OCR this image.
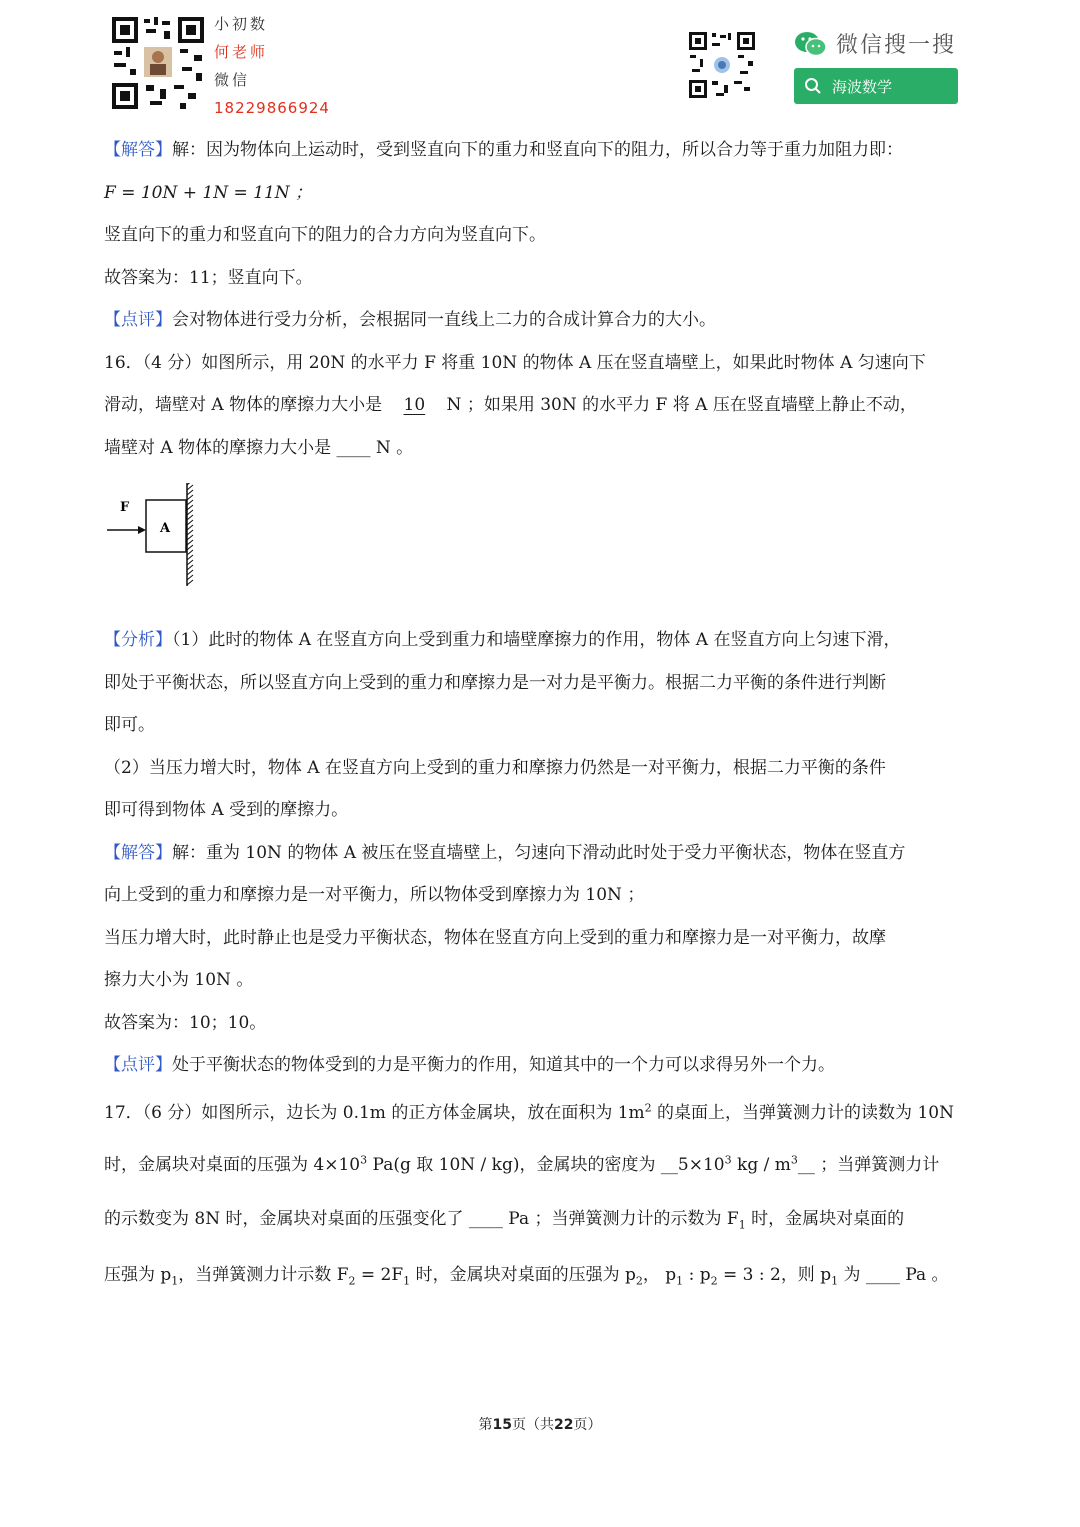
小初数
何老师
微信
18229866924
微信搜一搜
海波数学
【解答】解：因为物体向上运动时，受到竖直向下的重力和竖直向下的阻力，所以合力等于重力加阻力即：
F = 10N + 1N = 11N ；
竖直向下的重力和竖直向下的阻力的合力方向为竖直向下。
故答案为：11；竖直向下。
【点评】会对物体进行受力分析，会根据同一直线上二力的合成计算合力的大小。
16．（4 分）如图所示，用 20N 的水平力 F 将重 10N 的物体 A 压在竖直墙壁上，如果此时物体 A 匀速向下
滑动，墙壁对 A 物体的摩擦力大小是 10 N ；如果用 30N 的水平力 F 将 A 压在竖直墙壁上静止不动，
墙壁对 A 物体的摩擦力大小是 ____ N 。
F
A
【分析】（1）此时的物体 A 在竖直方向上受到重力和墙壁摩擦力的作用，物体 A 在竖直方向上匀速下滑，
即处于平衡状态，所以竖直方向上受到的重力和摩擦力是一对力是平衡力。根据二力平衡的条件进行判断
即可。
（2）当压力增大时，物体 A 在竖直方向上受到的重力和摩擦力仍然是一对平衡力，根据二力平衡的条件
即可得到物体 A 受到的摩擦力。
【解答】解：重为 10N 的物体 A 被压在竖直墙壁上，匀速向下滑动此时处于受力平衡状态，物体在竖直方
向上受到的重力和摩擦力是一对平衡力，所以物体受到摩擦力为 10N ；
当压力增大时，此时静止也是受力平衡状态，物体在竖直方向上受到的重力和摩擦力是一对平衡力，故摩
擦力大小为 10N 。
故答案为：10；10。
【点评】处于平衡状态的物体受到的力是平衡力的作用，知道其中的一个力可以求得另外一个力。
17．（6 分）如图所示，边长为 0.1m 的正方体金属块，放在面积为 $1m^2$ 的桌面上，当弹簧测力计的读数为 10N
时，金属块对桌面的压强为 $4\times 10^3$ Pa(g 取 10N / kg)，金属块的密度为 $\_\_5\times 10^3$ kg / $m^3\_\_$ ；当弹簧测力计
的示数变为 8N 时，金属块对桌面的压强变化了 ____ Pa ；当弹簧测力计的示数为 $F_1$ 时，金属块对桌面的
压强为 $p_1$，当弹簧测力计示数 $F_2 = 2F_1$ 时，金属块对桌面的压强为 $p_2$， $p_1$ : $p_2 = 3$ : 2，则 $p_1$ 为 ____ Pa 。
第15页（共22页）
